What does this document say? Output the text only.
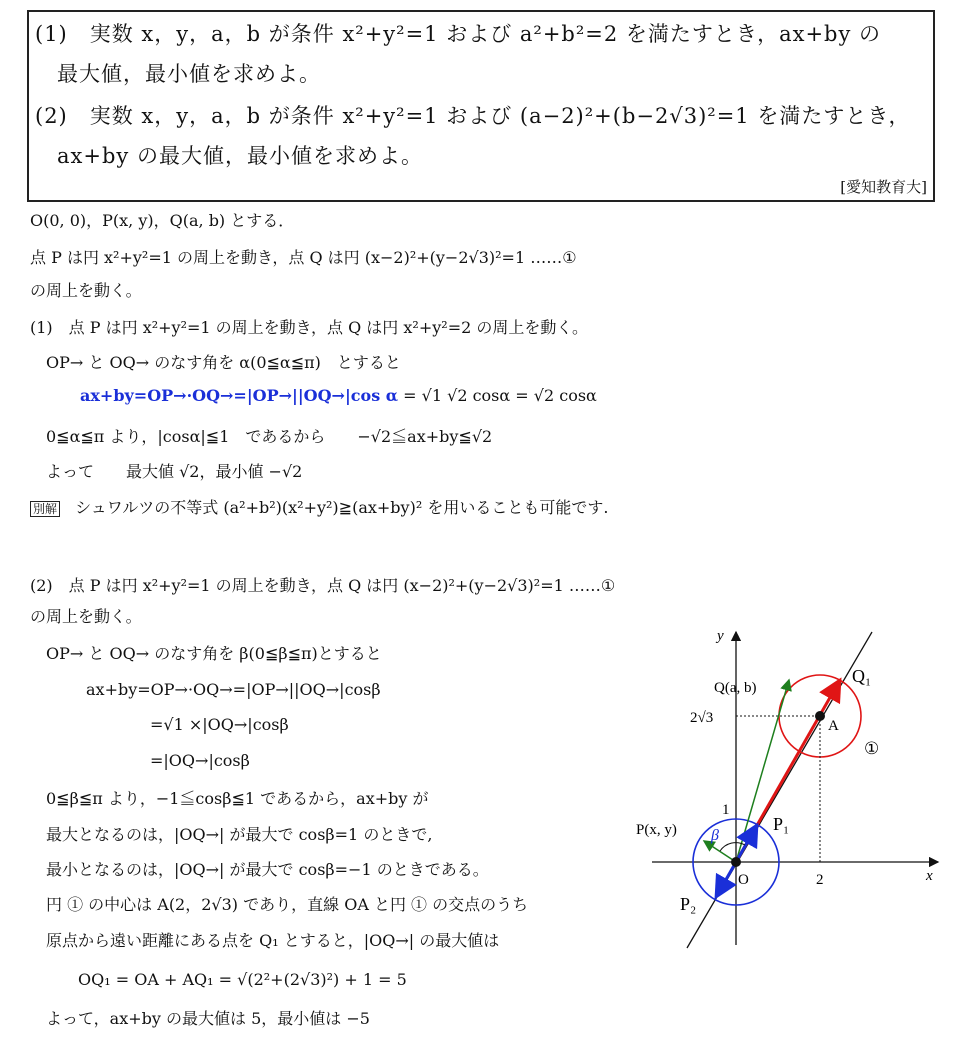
(1)　実数 x，y，a，b が条件 x²+y²=1 および a²+b²=2 を満たすとき，ax+by の
最大値，最小値を求めよ。
(2)　実数 x，y，a，b が条件 x²+y²=1 および (a−2)²+(b−2√3)²=1 を満たすとき，
ax+by の最大値，最小値を求めよ。
[愛知教育大]
O(0, 0)，P(x, y)，Q(a, b) とする．
点 P は円 x²+y²=1 の周上を動き，点 Q は円 (x−2)²+(y−2√3)²=1 ……①
の周上を動く。
(1)　点 P は円 x²+y²=1 の周上を動き，点 Q は円 x²+y²=2 の周上を動く。
OP→ と OQ→ のなす角を α(0≦α≦π)　とすると
ax+by=OP→·OQ→=|OP→||OQ→|cos α = √1 √2 cosα = √2 cosα
0≦α≦π より，|cosα|≦1　であるから　　−√2≦ax+by≦√2
よって　　最大値 √2，最小値 −√2
別解 シュワルツの不等式 (a²+b²)(x²+y²)≧(ax+by)² を用いることも可能です.
(2)　点 P は円 x²+y²=1 の周上を動き，点 Q は円 (x−2)²+(y−2√3)²=1 ……①
の周上を動く。
OP→ と OQ→ のなす角を β(0≦β≦π)とすると
ax+by=OP→·OQ→=|OP→||OQ→|cosβ
=√1 ×|OQ→|cosβ
=|OQ→|cosβ
0≦β≦π より，−1≦cosβ≦1 であるから，ax+by が
最大となるのは，|OQ→| が最大で cosβ=1 のときで,
最小となるのは，|OQ→| が最大で cosβ=−1 のときである。
円 ① の中心は A(2，2√3) であり，直線 OA と円 ① の交点のうち
原点から遠い距離にある点を Q₁ とすると，|OQ→| の最大値は
OQ₁ = OA + AQ₁ = √(2²+(2√3)²) + 1 = 5
よって，ax+by の最大値は 5，最小値は −5
y
x
O
Q(a, b)
Q₁
A
①
2√3
2
1
P(x, y) β
P₁
P₂
